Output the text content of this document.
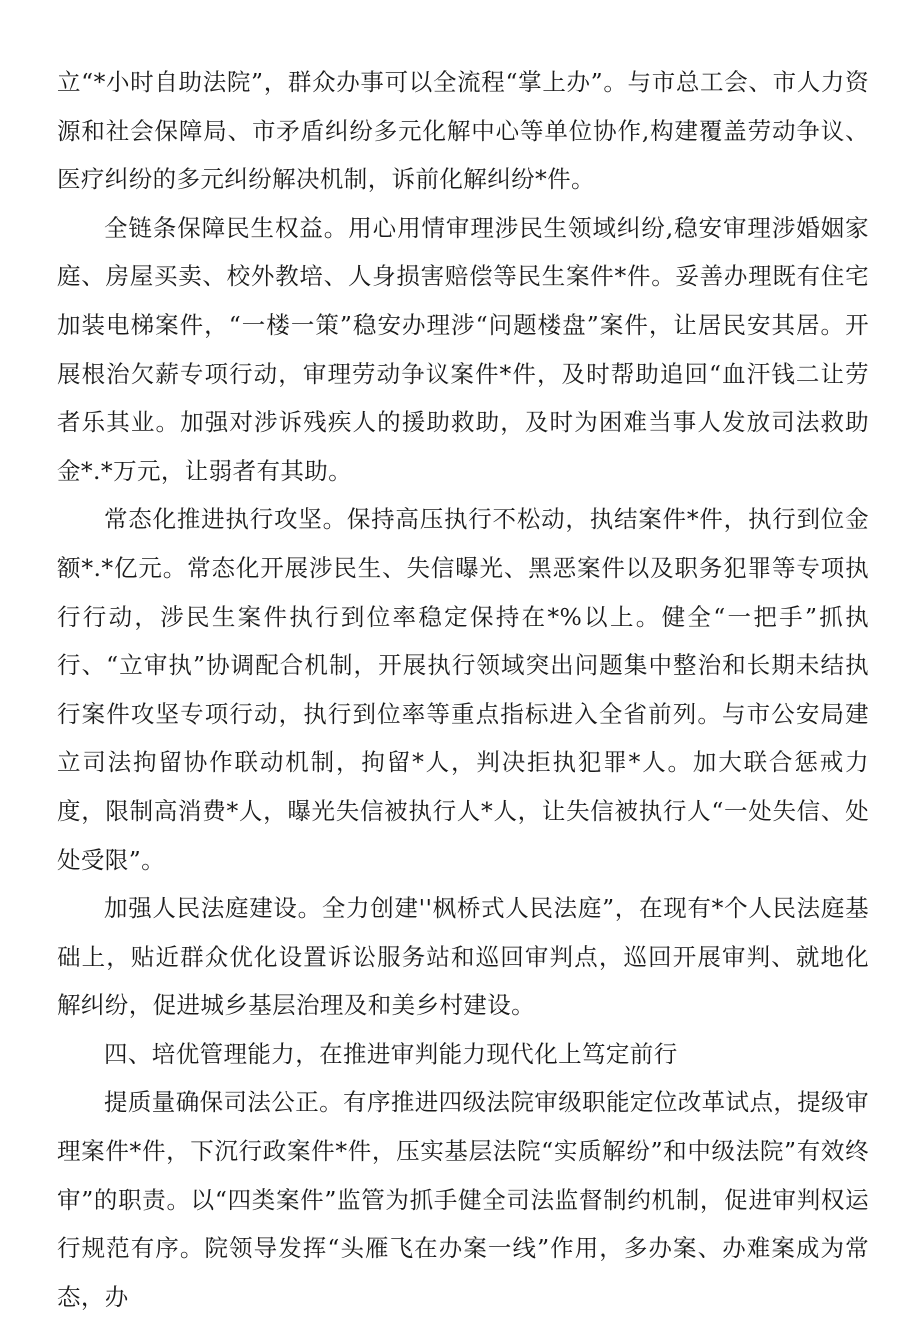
立“*小时自助法院”，群众办事可以全流程“掌上办”。与市总工会、市人力资源和社会保障局、市矛盾纠纷多元化解中心等单位协作,构建覆盖劳动争议、医疗纠纷的多元纠纷解决机制，诉前化解纠纷*件。

全链条保障民生权益。用心用情审理涉民生领域纠纷,稳安审理涉婚姻家庭、房屋买卖、校外教培、人身损害赔偿等民生案件*件。妥善办理既有住宅加装电梯案件，“一楼一策”稳安办理涉“问题楼盘”案件，让居民安其居。开展根治欠薪专项行动，审理劳动争议案件*件，及时帮助追回“血汗钱二让劳者乐其业。加强对涉诉残疾人的援助救助，及时为困难当事人发放司法救助金*.*万元，让弱者有其助。

常态化推进执行攻坚。保持高压执行不松动，执结案件*件，执行到位金额*.*亿元。常态化开展涉民生、失信曝光、黑恶案件以及职务犯罪等专项执行行动，涉民生案件执行到位率稳定保持在*%以上。健全“一把手”抓执行、“立审执”协调配合机制，开展执行领域突出问题集中整治和长期未结执行案件攻坚专项行动，执行到位率等重点指标进入全省前列。与市公安局建立司法拘留协作联动机制，拘留*人，判决拒执犯罪*人。加大联合惩戒力度，限制高消费*人，曝光失信被执行人*人，让失信被执行人“一处失信、处处受限”。

加强人民法庭建设。全力创建''枫桥式人民法庭”，在现有*个人民法庭基础上，贴近群众优化设置诉讼服务站和巡回审判点，巡回开展审判、就地化解纠纷，促进城乡基层治理及和美乡村建设。

四、培优管理能力，在推进审判能力现代化上笃定前行

提质量确保司法公正。有序推进四级法院审级职能定位改革试点，提级审理案件*件，下沉行政案件*件，压实基层法院“实质解纷”和中级法院”有效终审”的职责。以“四类案件”监管为抓手健全司法监督制约机制，促进审判权运行规范有序。院领导发挥“头雁飞在办案一线”作用，多办案、办难案成为常态，办
